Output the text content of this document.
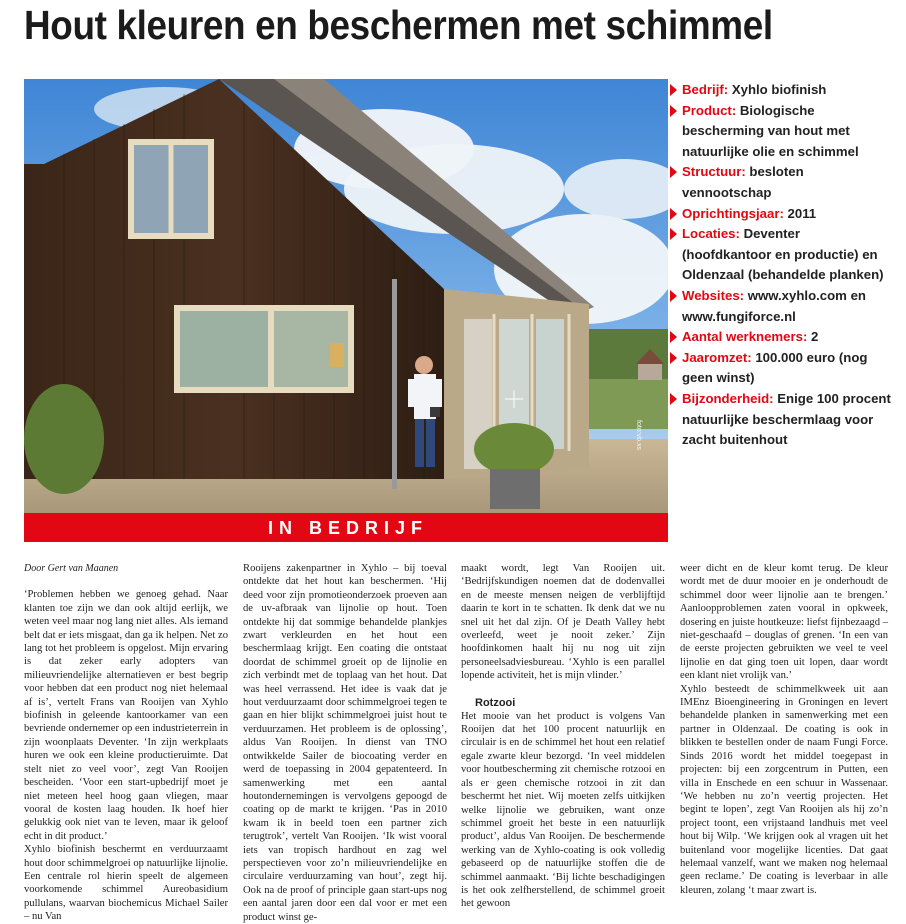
Hout kleuren en beschermen met schimmel
foto:vb.xs
IN BEDRIJF
Bedrijf: Xyhlo biofinish
Product: Biologische bescherming van hout met natuurlijke olie en schimmel
Structuur: besloten vennootschap
Oprichtingsjaar: 2011
Locaties: Deventer (hoofdkantoor en productie) en Oldenzaal (behandelde planken)
Websites: www.xyhlo.com en www.fungiforce.nl
Aantal werknemers: 2
Jaaromzet: 100.000 euro (nog geen winst)
Bijzonderheid: Enige 100 procent natuurlijke beschermlaag voor zacht buitenhout

Door Gert van Maanen

‘Problemen hebben we genoeg gehad. Naar klanten toe zijn we dan ook altijd eerlijk, we weten veel maar nog lang niet alles. Als iemand belt dat er iets misgaat, dan ga ik helpen. Net zo lang tot het probleem is opgelost. Mijn ervaring is dat zeker early adopters van milieuvriendelijke alternatieven er best begrip voor hebben dat een product nog niet helemaal af is’, vertelt Frans van Rooijen van Xyhlo biofinish in geleende kantoorkamer van een bevriende ondernemer op een industrieterrein in zijn woonplaats Deventer. ‘In zijn werkplaats huren we ook een kleine productieruimte. Dat stelt niet zo veel voor’, zegt Van Rooijen bescheiden. ‘Voor een start-upbedrijf moet je niet meteen heel hoog gaan vliegen, maar vooral de kosten laag houden. Ik hoef hier gelukkig ook niet van te leven, maar ik geloof echt in dit product.’

Xyhlo biofinish beschermt en verduurzaamt hout door schimmelgroei op natuurlijke lijnolie. Een centrale rol hierin speelt de algemeen voorkomende schimmel Aureobasidium pullulans, waarvan biochemicus Michael Sailer – nu Van

Rooijens zakenpartner in Xyhlo – bij toeval ontdekte dat het hout kan beschermen. ‘Hij deed voor zijn promotieonderzoek proeven aan de uv-afbraak van lijnolie op hout. Toen ontdekte hij dat sommige behandelde plankjes zwart verkleurden en het hout een beschermlaag krijgt. Een coating die ontstaat doordat de schimmel groeit op de lijnolie en zich verbindt met de toplaag van het hout. Dat was heel verrassend. Het idee is vaak dat je hout verduurzaamt door schimmelgroei tegen te gaan en hier blijkt schimmelgroei juist hout te verduurzamen. Het probleem is de oplossing’, aldus Van Rooijen. In dienst van TNO ontwikkelde Sailer de biocoating verder en werd de toepassing in 2004 gepatenteerd. In samenwerking met een aantal houtondernemingen is vervolgens gepoogd de coating op de markt te krijgen. ‘Pas in 2010 kwam ik in beeld toen een partner zich terugtrok’, vertelt Van Rooijen. ‘Ik wist vooral iets van tropisch hardhout en zag wel perspectieven voor zo’n milieuvriendelijke en circulaire verduurzaming van hout’, zegt hij. Ook na de proof of principle gaan start-ups nog een aantal jaren door een dal voor er met een product winst ge-

maakt wordt, legt Van Rooijen uit. ‘Bedrijfskundigen noemen dat de dodenvallei en de meeste mensen neigen de verblijftijd daarin te kort in te schatten. Ik denk dat we nu snel uit het dal zijn. Of je Death Valley hebt overleefd, weet je nooit zeker.’ Zijn hoofdinkomen haalt hij nu nog uit zijn personeelsadviesbureau. ‘Xyhlo is een parallel lopende activiteit, het is mijn vlinder.’

Rotzooi

Het mooie van het product is volgens Van Rooijen dat het 100 procent natuurlijk en circulair is en de schimmel het hout een relatief egale zwarte kleur bezorgd. ‘In veel middelen voor houtbescherming zit chemische rotzooi en als er geen chemische rotzooi in zit dan beschermt het niet. Wij moeten zelfs uitkijken welke lijnolie we gebruiken, want onze schimmel groeit het beste in een natuurlijk product’, aldus Van Rooijen. De beschermende werking van de Xyhlo-coating is ook volledig gebaseerd op de natuurlijke stoffen die de schimmel aanmaakt. ‘Bij lichte beschadigingen is het ook zelfherstellend, de schimmel groeit het gewoon

weer dicht en de kleur komt terug. De kleur wordt met de duur mooier en je onderhoudt de schimmel door weer lijnolie aan te brengen.’ Aanloopproblemen zaten vooral in opkweek, dosering en juiste houtkeuze: liefst fijnbezaagd – niet-geschaafd – douglas of grenen. ‘In een van de eerste projecten gebruikten we veel te veel lijnolie en dat ging toen uit lopen, daar wordt een klant niet vrolijk van.’

Xyhlo besteedt de schimmelkweek uit aan IMEnz Bioengineering in Groningen en levert behandelde planken in samenwerking met een partner in Oldenzaal. De coating is ook in blikken te bestellen onder de naam Fungi Force. Sinds 2016 wordt het middel toegepast in projecten: bij een zorgcentrum in Putten, een villa in Enschede en een schuur in Wassenaar. ‘We hebben nu zo’n veertig projecten. Het begint te lopen’, zegt Van Rooijen als hij zo’n project toont, een vrijstaand landhuis met veel hout bij Wilp. ‘We krijgen ook al vragen uit het buitenland voor mogelijke licenties. Dat gaat helemaal vanzelf, want we maken nog helemaal geen reclame.’ De coating is leverbaar in alle kleuren, zolang ‘t maar zwart is.
